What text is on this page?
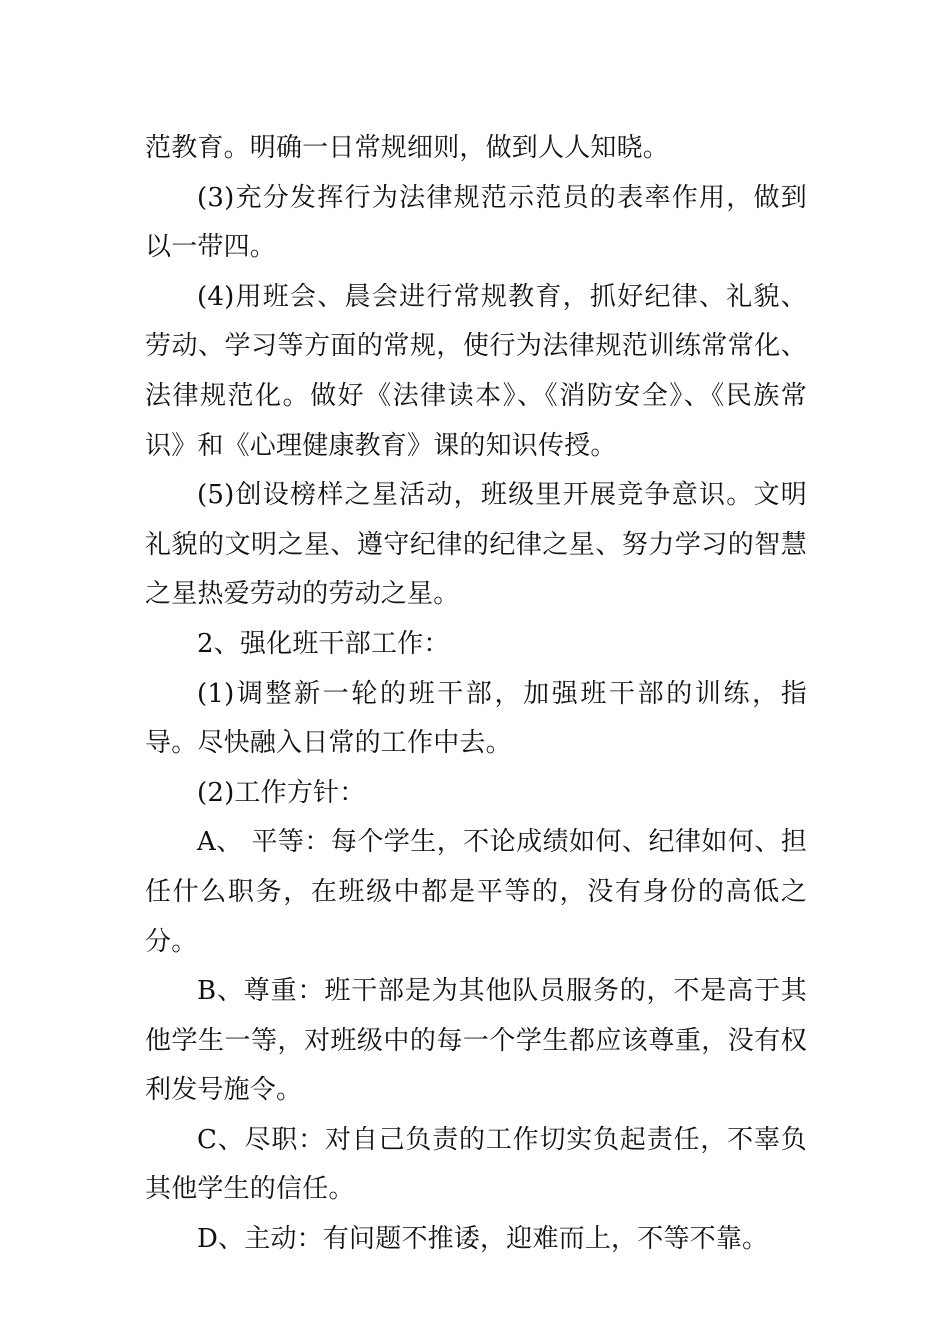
范教育。明确一日常规细则，做到人人知晓。

(3)充分发挥行为法律规范示范员的表率作用，做到以一带四。

(4)用班会、晨会进行常规教育，抓好纪律、礼貌、劳动、学习等方面的常规，使行为法律规范训练常常化、法律规范化。做好《法律读本》、《消防安全》、《民族常识》和《心理健康教育》课的知识传授。

(5)创设榜样之星活动，班级里开展竞争意识。文明礼貌的文明之星、遵守纪律的纪律之星、努力学习的智慧之星热爱劳动的劳动之星。

2、强化班干部工作：

(1)调整新一轮的班干部，加强班干部的训练，指导。尽快融入日常的工作中去。

(2)工作方针：

A、 平等：每个学生，不论成绩如何、纪律如何、担任什么职务，在班级中都是平等的，没有身份的高低之分。

B、尊重：班干部是为其他队员服务的，不是高于其他学生一等，对班级中的每一个学生都应该尊重，没有权利发号施令。

C、尽职：对自己负责的工作切实负起责任，不辜负其他学生的信任。

D、主动：有问题不推诿，迎难而上，不等不靠。
